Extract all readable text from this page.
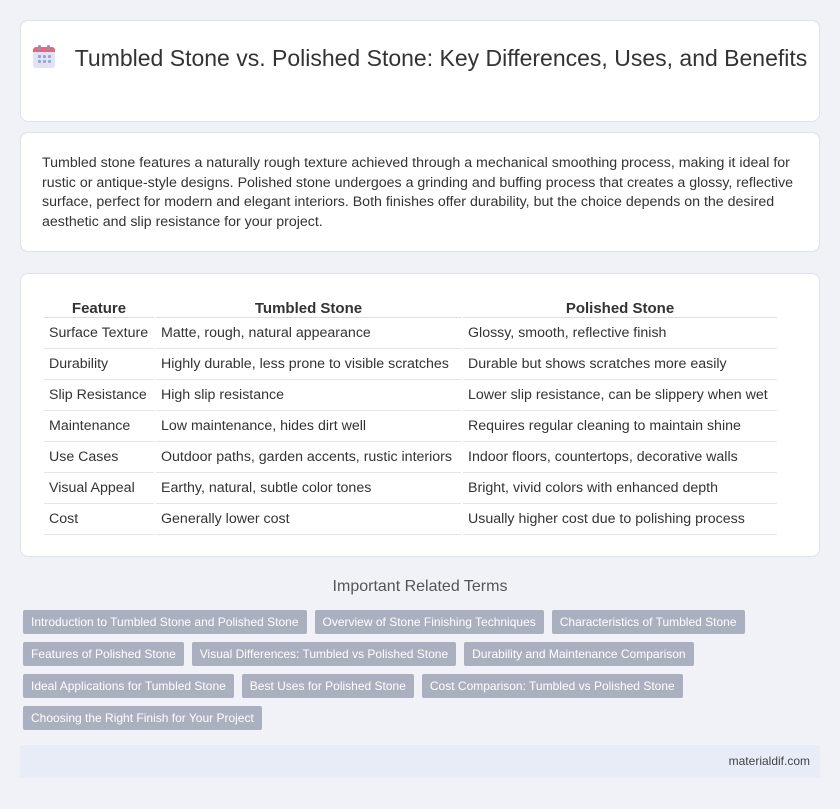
Tumbled Stone vs. Polished Stone: Key Differences, Uses, and Benefits

Tumbled stone features a naturally rough texture achieved through a mechanical smoothing process, making it ideal for rustic or antique-style designs. Polished stone undergoes a grinding and buffing process that creates a glossy, reflective surface, perfect for modern and elegant interiors. Both finishes offer durability, but the choice depends on the desired aesthetic and slip resistance for your project.

Feature	Tumbled Stone	Polished Stone
Surface Texture	Matte, rough, natural appearance	Glossy, smooth, reflective finish
Durability	Highly durable, less prone to visible scratches	Durable but shows scratches more easily
Slip Resistance	High slip resistance	Lower slip resistance, can be slippery when wet
Maintenance	Low maintenance, hides dirt well	Requires regular cleaning to maintain shine
Use Cases	Outdoor paths, garden accents, rustic interiors	Indoor floors, countertops, decorative walls
Visual Appeal	Earthy, natural, subtle color tones	Bright, vivid colors with enhanced depth
Cost	Generally lower cost	Usually higher cost due to polishing process
Important Related Terms
Introduction to Tumbled Stone and Polished Stone	Overview of Stone Finishing Techniques	Characteristics of Tumbled Stone
Features of Polished Stone	Visual Differences: Tumbled vs Polished Stone	Durability and Maintenance Comparison
Ideal Applications for Tumbled Stone	Best Uses for Polished Stone	Cost Comparison: Tumbled vs Polished Stone
Choosing the Right Finish for Your Project
materialdif.com
